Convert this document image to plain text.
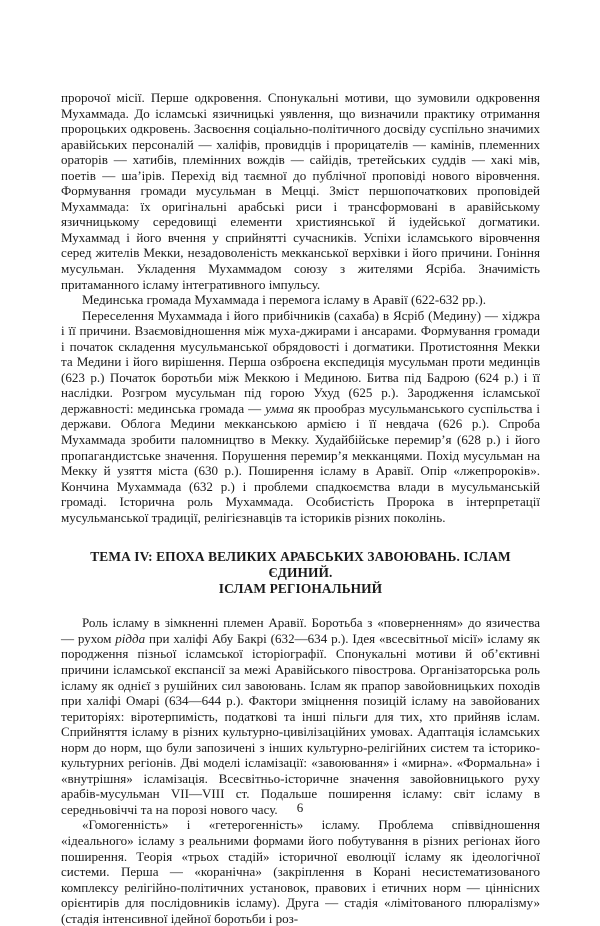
пророчої місії. Перше одкровення. Спонукальні мотиви, що зумовили одкровення Мухаммада. До ісламські язичницькі уявлення, що визначили практику отримання пророцьких одкровень. Засвоєння соціально-політичного досвіду суспільно значимих аравійських персоналій — халіфів, провидців і прорицателів — камінів, племенних ораторів — хатибів, племінних вождів — сайідів, третейських суддів — хакі мів, поетів — ша’ірів. Перехід від таємної до публічної проповіді нового віровчення. Формування громади мусульман в Мецці. Зміст першопочаткових проповідей Мухаммада: їх оригінальні арабські риси і трансформовані в аравійському язичницькому середовищі елементи християнської й іудейської догматики. Мухаммад і його вчення у сприйнятті сучасників. Успіхи ісламського віровчення серед жителів Мекки, незадоволеність мекканської верхівки і його причини. Гоніння мусульман. Укладення Мухаммадом союзу з жителями Ясріба. Значимість притаманного ісламу інтегративного імпульсу.

Мединська громада Мухаммада і перемога ісламу в Аравії (622-632 рр.).

Переселення Мухаммада і його прибічників (сахаба) в Ясріб (Медину) — хіджра і її причини. Взаємовідношення між муха-джирами і ансарами. Формування громади і початок складення мусульманської обрядовості і догматики. Протистояння Мекки та Медини і його вирішення. Перша озброєна експедиція мусульман проти мединців (623 р.) Початок боротьби між Меккою і Мединою. Битва під Бадрою (624 р.) і її наслідки. Розгром мусульман під горою Ухуд (625 р.). Зародження ісламської державності: мединська громада — умма як прообраз мусульманського суспільства і держави. Облога Медини мекканською армією і її невдача (626 р.). Спроба Мухаммада зробити паломництво в Мекку. Худайбійське перемир’я (628 р.) і його пропагандистське значення. Порушення перемир’я мекканцями. Похід мусульман на Мекку й узяття міста (630 р.). Поширення ісламу в Аравії. Опір «лжепророків». Кончина Мухаммада (632 р.) і проблеми спадкоємства влади в мусульманській громаді. Історична роль Мухаммада. Особистість Пророка в інтерпретації мусульманської традиції, релігієзнавців та істориків різних поколінь.

ТЕМА IV: ЕПОХА ВЕЛИКИХ АРАБСЬКИХ ЗАВОЮВАНЬ. ІСЛАМ ЄДИНИЙ.
ІСЛАМ РЕГІОНАЛЬНИЙ

Роль ісламу в зімкненні племен Аравії. Боротьба з «поверненням» до язичества — рухом рідда при халіфі Абу Бакрі (632—634 р.). Ідея «всесвітньої місії» ісламу як породження пізньої ісламської історіографії. Спонукальні мотиви й об’єктивні причини ісламської експансії за межі Аравійського півострова. Організаторська роль ісламу як однієї з рушійних сил завоювань. Іслам як прапор завойовницьких походів при халіфі Омарі (634—644 р.). Фактори зміцнення позицій ісламу на завойованих територіях: віротерпимість, податкові та інші пільги для тих, хто прийняв іслам. Сприйняття ісламу в різних культурно-цивілізаційних умовах. Адаптація ісламських норм до норм, що були запозичені з інших культурно-релігійних систем та історико-культурних регіонів. Дві моделі ісламізації: «завоювання» і «мирна». «Формальна» і «внутрішня» ісламізація. Всесвітньо-історичне значення завойовницького руху арабів-мусульман VII—VIII ст. Подальше поширення ісламу: світ ісламу в середньовіччі та на порозі нового часу.

«Гомогенність» і «гетерогенність» ісламу. Проблема співвідношення «ідеального» ісламу з реальними формами його побутування в різних регіонах його поширення. Теорія «трьох стадій» історичної еволюції ісламу як ідеологічної системи. Перша — «коранічна» (закріплення в Корані несистематизованого комплексу релігійно-політичних установок, правових і етичних норм — ціннісних орієнтирів для послідовників ісламу). Друга — стадія «лімітованого плюралізму» (стадія інтенсивної ідейної боротьби і роз-

6
